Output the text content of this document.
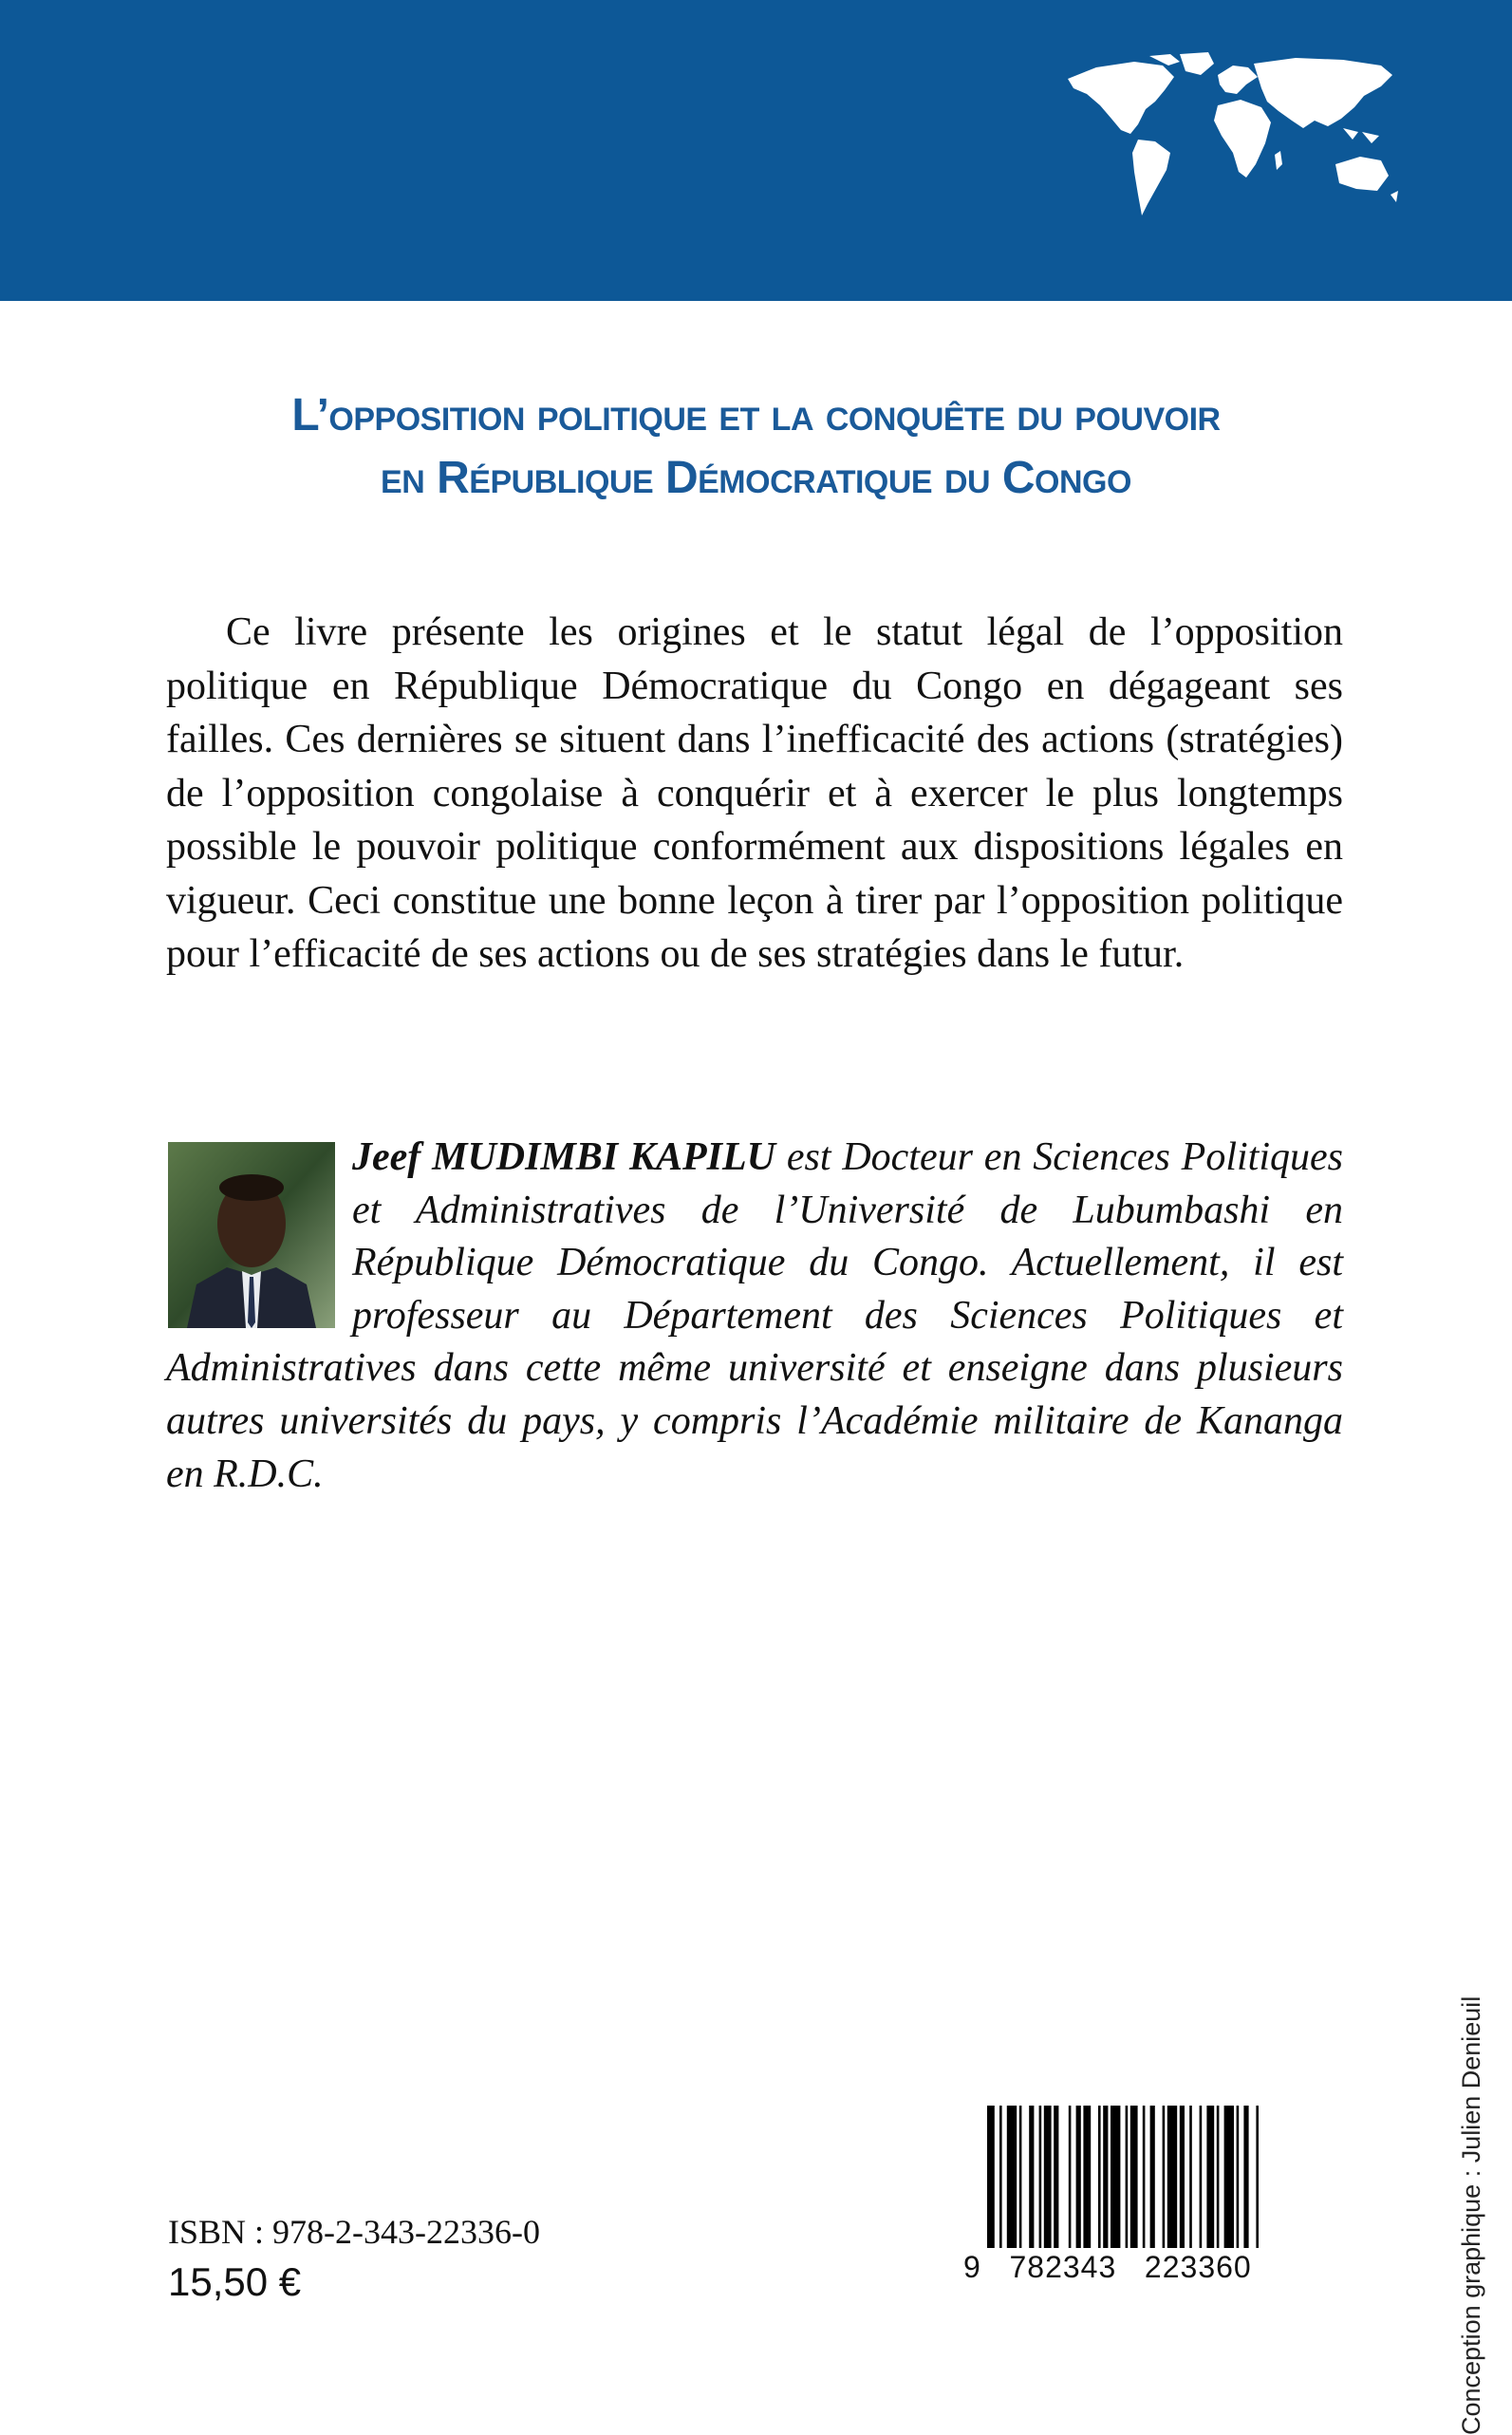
L’opposition politique et la conquête du pouvoir
en République Démocratique du Congo

Ce livre présente les origines et le statut légal de l’opposition politique en République Démocratique du Congo en dégageant ses failles. Ces dernières se situent dans l’inefficacité des actions (stratégies) de l’opposition congolaise à conquérir et à exercer le plus longtemps possible le pouvoir politique conformément aux dispositions légales en vigueur. Ceci constitue une bonne leçon à tirer par l’opposition politique pour l’efficacité de ses actions ou de ses stratégies dans le futur.

Jeef MUDIMBI KAPILU est Docteur en Sciences Politiques et Administratives de l’Université de Lubumbashi en République Démocratique du Congo. Actuellement, il est professeur au Département des Sciences Politiques et Administratives dans cette même université et enseigne dans plusieurs autres universités du pays, y compris l’Académie militaire de Kananga en R.D.C.

Conception graphique : Julien Denieuil
9   782343   223360
ISBN : 978-2-343-22336-0
15,50 €
